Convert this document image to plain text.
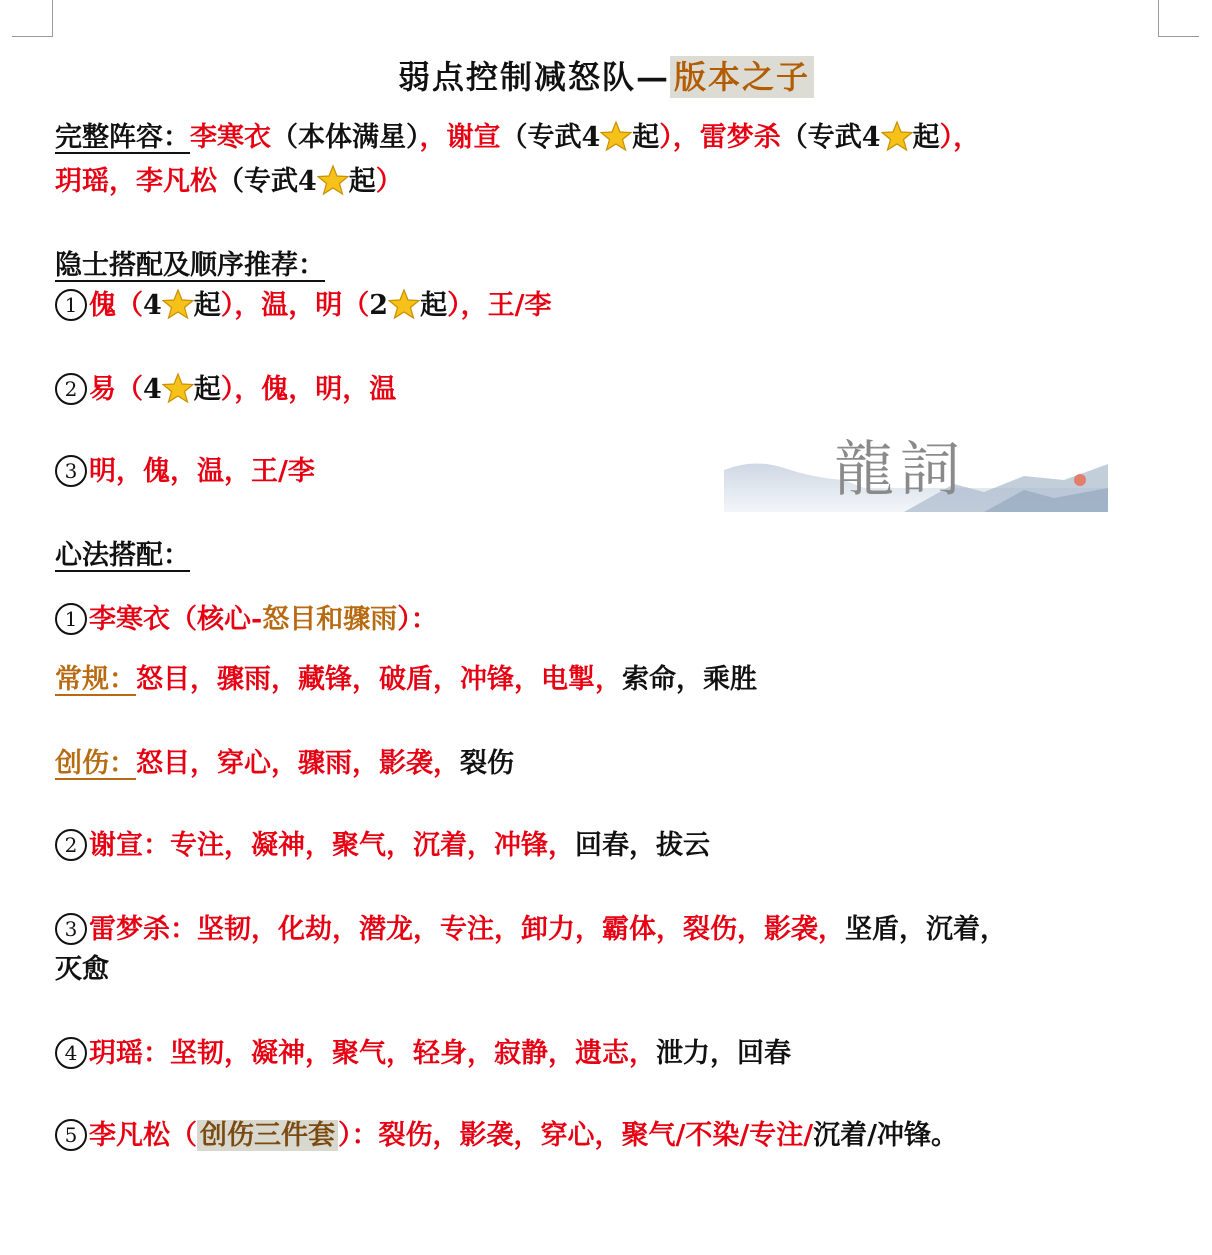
弱点控制减怒队— 版本之子
完整阵容：李寒衣（本体满星），谢宣（专武4 起），雷梦杀（专武4 起），
玥瑶，李凡松（专武4 起）
隐士搭配及顺序推荐：
1 傀（4 起），温，明（2 起），王/李
2 易（4 起），傀，明，温
3 明，傀，温，王/李	龍詞
心法搭配：
1 李寒衣（核心-怒目和骤雨）：
常规：怒目，骤雨，藏锋，破盾，冲锋，电掣，索命，乘胜
创伤：怒目，穿心，骤雨，影袭，裂伤
2 谢宣：专注，凝神，聚气，沉着，冲锋，回春，拔云
3 雷梦杀：坚韧，化劫，潜龙，专注，卸力，霸体，裂伤，影袭，坚盾，沉着，
灭愈
4 玥瑶：坚韧，凝神，聚气，轻身，寂静，遗志，泄力，回春
5 李凡松（ 创伤三件套 ）：裂伤，影袭，穿心，聚气/不染/专注/沉着/冲锋。
